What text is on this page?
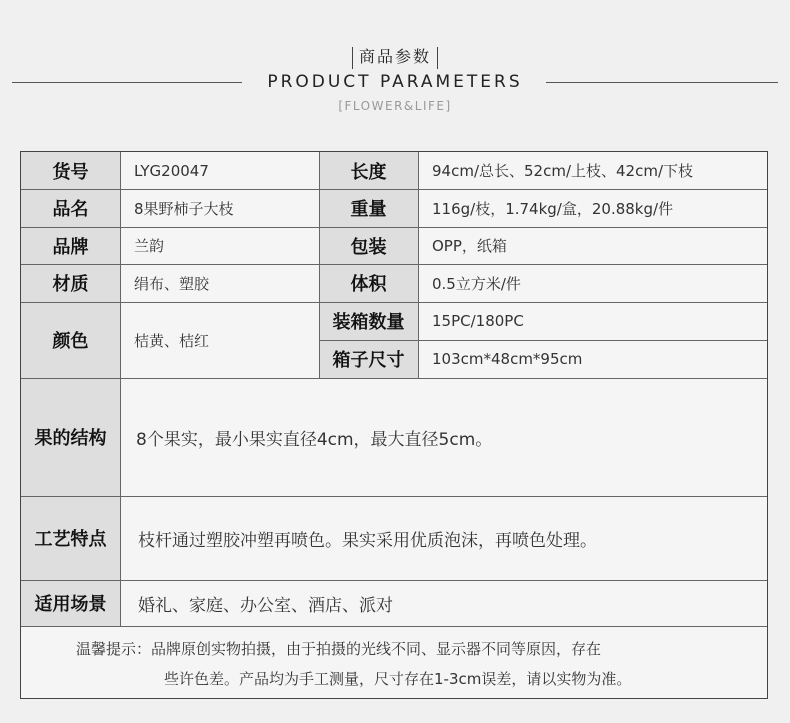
商品参数
PRODUCT PARAMETERS
[FLOWER&LIFE]
货号
品名
品牌
材质
颜色
果的结构
工艺特点
适用场景
LYG20047
8果野柿子大枝
兰韵
绢布、塑胶
桔黄、桔红
长度
重量
包装
体积
装箱数量
箱子尺寸
94cm/总长、52cm/上枝、42cm/下枝
116g/枝，1.74kg/盒，20.88kg/件
OPP，纸箱
0.5立方米/件
15PC/180PC
103cm*48cm*95cm
8个果实，最小果实直径4cm，最大直径5cm。
枝杆通过塑胶冲塑再喷色。果实采用优质泡沫，再喷色处理。
婚礼、家庭、办公室、酒店、派对
温馨提示：品牌原创实物拍摄，由于拍摄的光线不同、显示器不同等原因，存在
些许色差。产品均为手工测量，尺寸存在1-3cm误差，请以实物为准。
